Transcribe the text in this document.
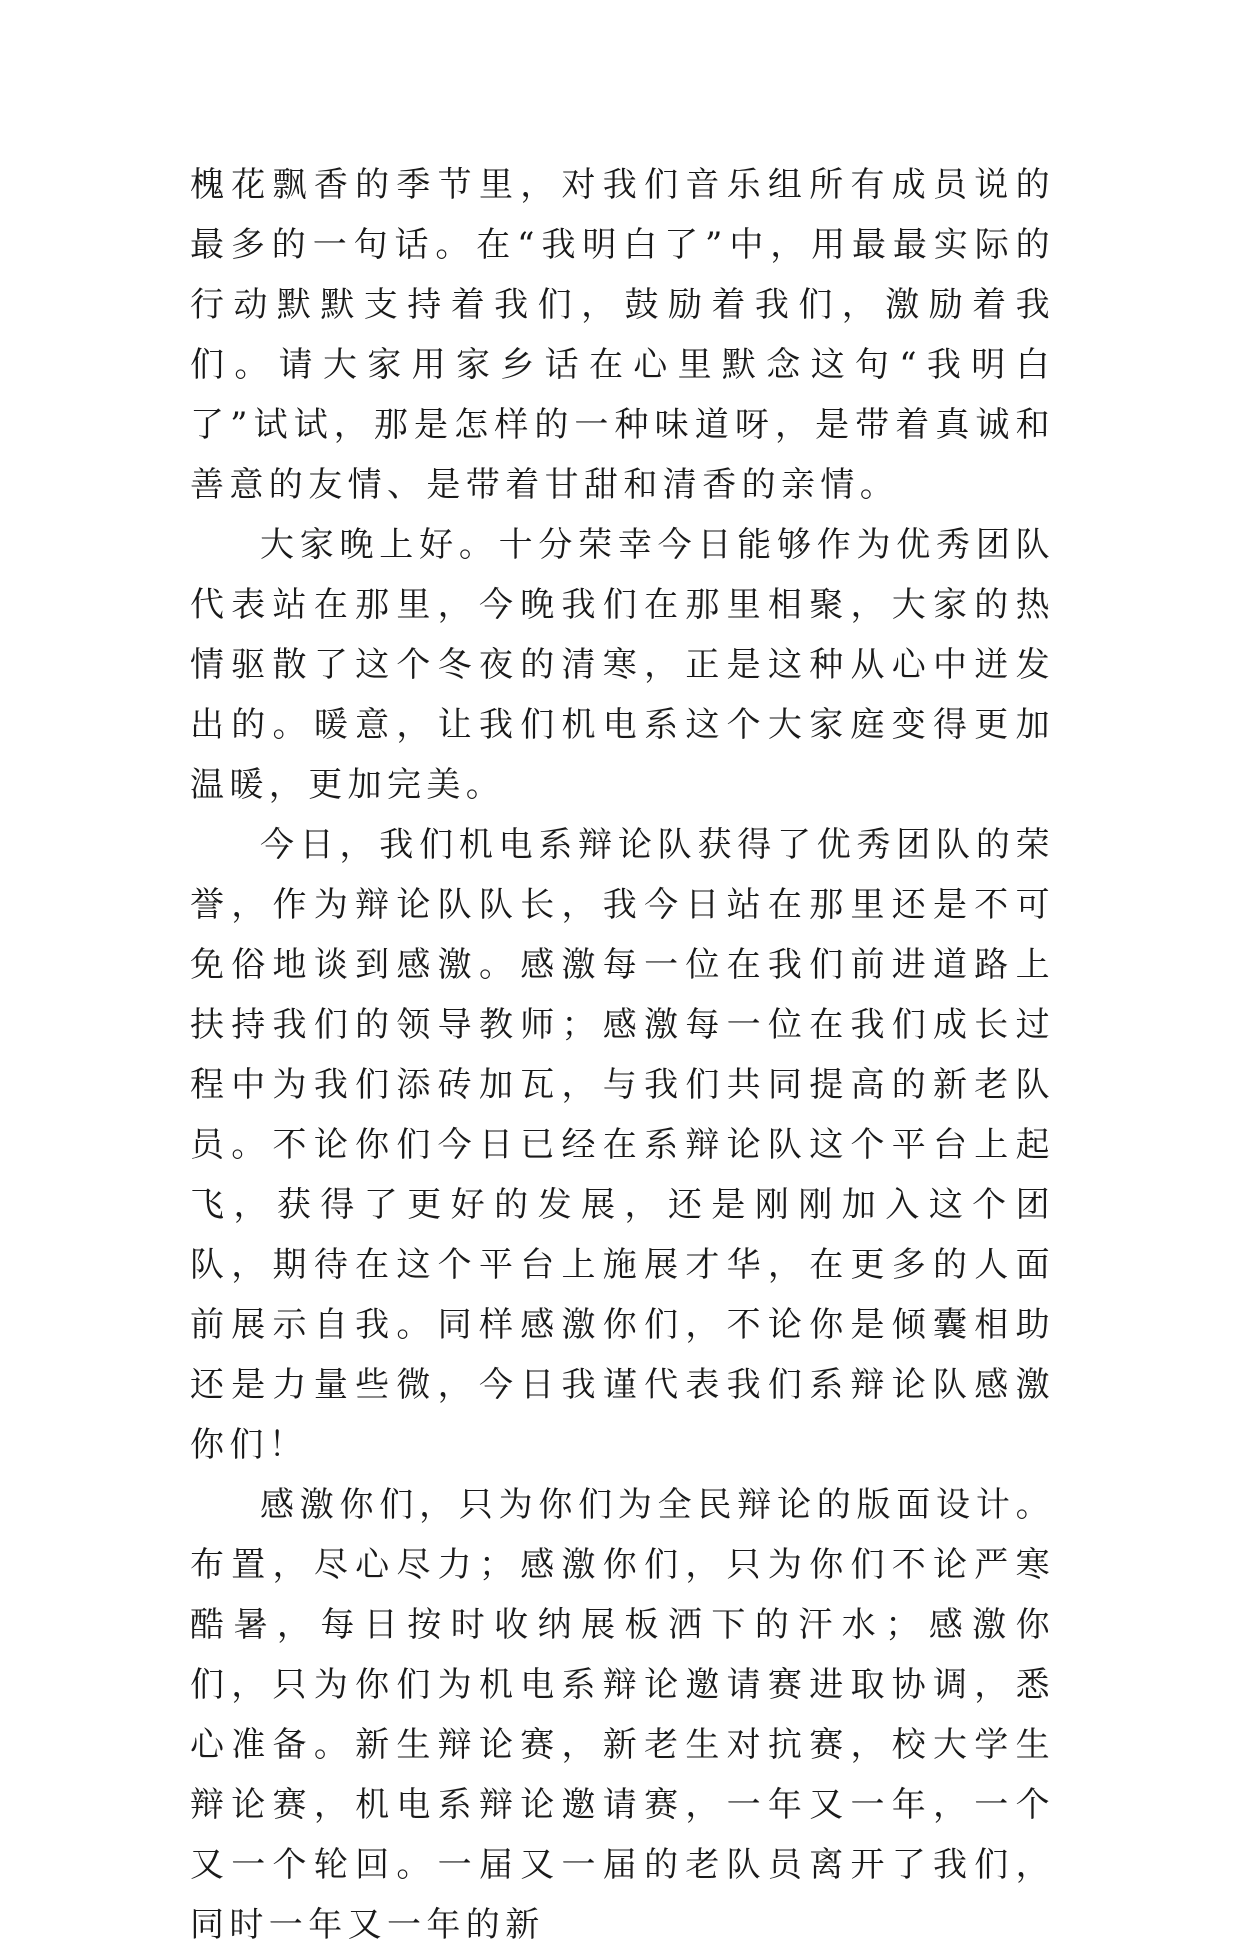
槐花飘香的季节里，对我们音乐组所有成员说的最多的一句话。在“我明白了”中，用最最实际的行动默默支持着我们，鼓励着我们，激励着我们。请大家用家乡话在心里默念这句“我明白了”试试，那是怎样的一种味道呀，是带着真诚和善意的友情、是带着甘甜和清香的亲情。

大家晚上好。十分荣幸今日能够作为优秀团队代表站在那里，今晚我们在那里相聚，大家的热情驱散了这个冬夜的清寒，正是这种从心中迸发出的。暖意，让我们机电系这个大家庭变得更加温暖，更加完美。

今日，我们机电系辩论队获得了优秀团队的荣誉，作为辩论队队长，我今日站在那里还是不可免俗地谈到感激。感激每一位在我们前进道路上扶持我们的领导教师；感激每一位在我们成长过程中为我们添砖加瓦，与我们共同提高的新老队员。不论你们今日已经在系辩论队这个平台上起飞，获得了更好的发展，还是刚刚加入这个团队，期待在这个平台上施展才华，在更多的人面前展示自我。同样感激你们，不论你是倾囊相助还是力量些微，今日我谨代表我们系辩论队感激你们！

感激你们，只为你们为全民辩论的版面设计。布置，尽心尽力；感激你们，只为你们不论严寒酷暑，每日按时收纳展板洒下的汗水；感激你们，只为你们为机电系辩论邀请赛进取协调，悉心准备。新生辩论赛，新老生对抗赛，校大学生辩论赛，机电系辩论邀请赛，一年又一年，一个又一个轮回。一届又一届的老队员离开了我们，同时一年又一年的新
